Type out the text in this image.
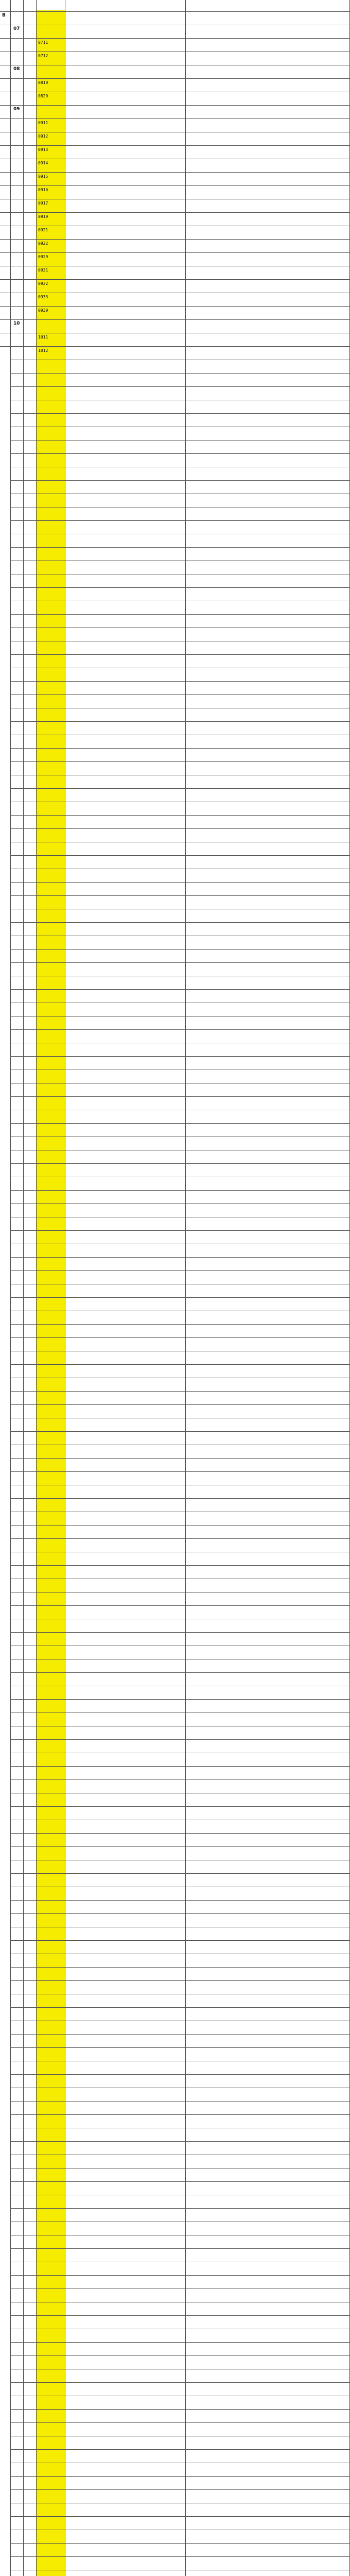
B
07
0711
0712
08
0810
0820
09
0911
0912
0913
0914
0915
0916
0917
0919
0921
0922
0929
0931
0932
0933
0939
10
1011
1012
